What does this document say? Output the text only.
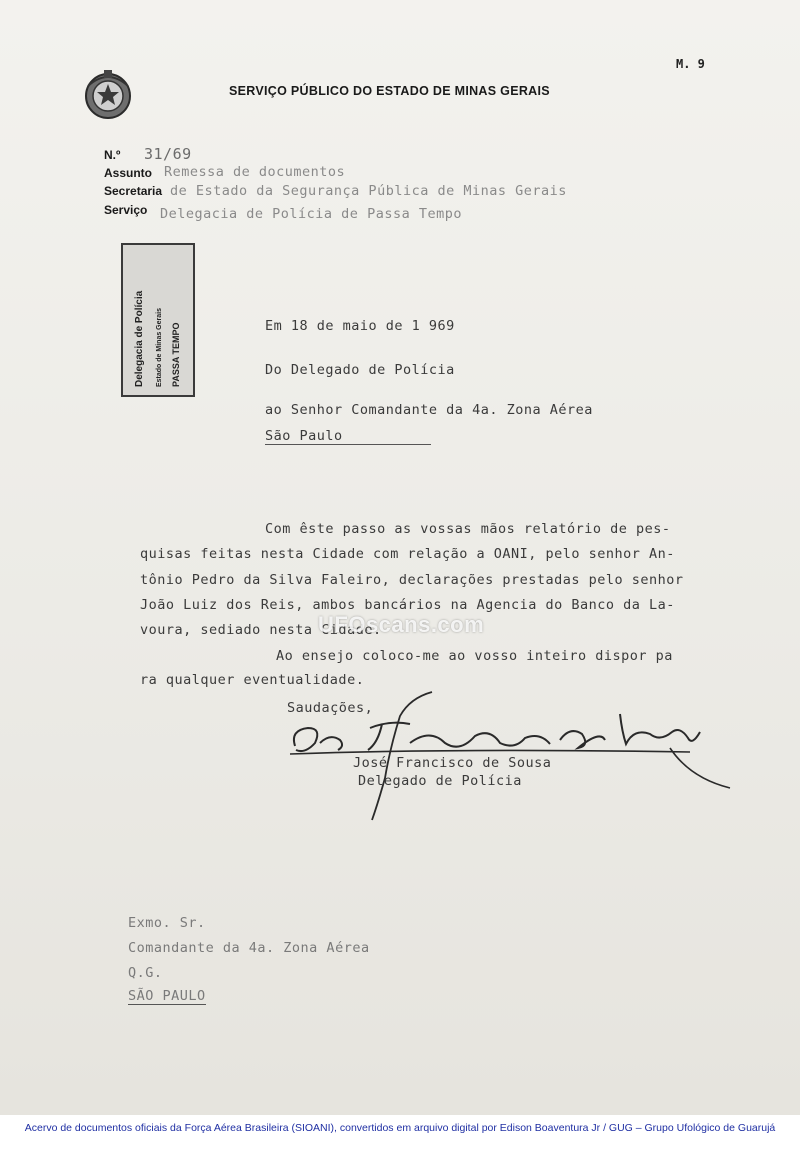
SERVIÇO PÚBLICO DO ESTADO DE MINAS GERAIS
M. 9
N.º 31/69
Assunto Remessa de documentos
Secretaria de Estado da Segurança Pública de Minas Gerais
Serviço Delegacia de Polícia de Passa Tempo
Delegacia de Polícia Estado de Minas Gerais PASSA TEMPO	Em 18 de maio de 1 969
Do Delegado de Polícia
ao Senhor Comandante da 4a. Zona Aérea
São Paulo
Com êste passo as vossas mãos relatório de pes-
quisas feitas nesta Cidade com relação a OANI, pelo senhor An-
tônio Pedro da Silva Faleiro, declarações prestadas pelo senhor
João Luiz dos Reis, ambos bancários na Agencia do Banco da La-
voura, sediado nesta Cidade.
Ao ensejo coloco-me ao vosso inteiro dispor pa
ra qualquer eventualidade.
Saudações,
José Francisco de Sousa
Delegado de Polícia
Exmo. Sr.
Comandante da 4a. Zona Aérea
Q.G.
SÃO PAULO
UFOscans.com
Acervo de documentos oficiais da Força Aérea Brasileira (SIOANI), convertidos em arquivo digital por Edison Boaventura Jr / GUG – Grupo Ufológico de Guarujá
